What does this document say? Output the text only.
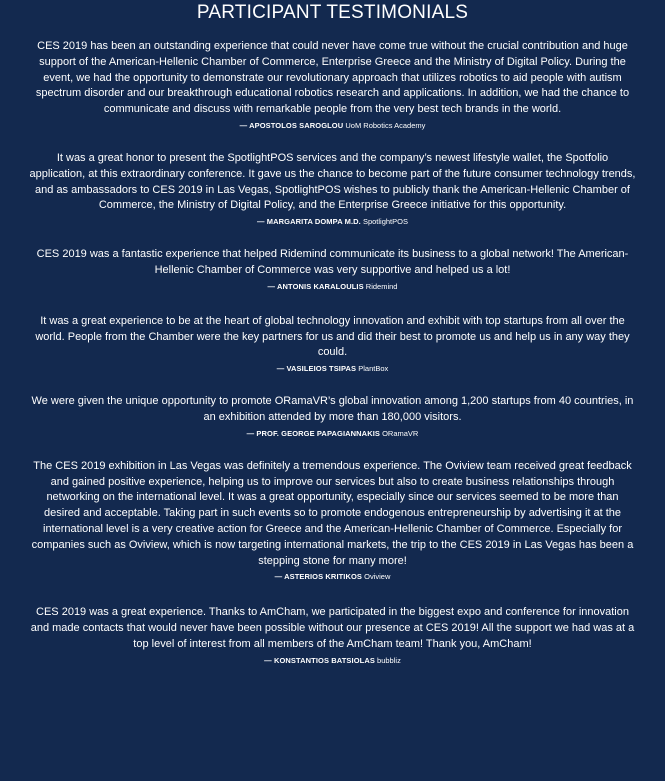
PARTICIPANT TESTIMONIALS

CES 2019 has been an outstanding experience that could never have come true without the crucial contribution and huge support of the American-Hellenic Chamber of Commerce, Enterprise Greece and the Ministry of Digital Policy. During the event, we had the opportunity to demonstrate our revolutionary approach that utilizes robotics to aid people with autism spectrum disorder and our breakthrough educational robotics research and applications. In addition, we had the chance to communicate and discuss with remarkable people from the very best tech brands in the world.

— APOSTOLOS SAROGLOU UoM Robotics Academy

It was a great honor to present the SpotlightPOS services and the company’s newest lifestyle wallet, the Spotfolio application, at this extraordinary conference. It gave us the chance to become part of the future consumer technology trends, and as ambassadors to CES 2019 in Las Vegas, SpotlightPOS wishes to publicly thank the American-Hellenic Chamber of Commerce, the Ministry of Digital Policy, and the Enterprise Greece initiative for this opportunity.

— MARGARITA DOMPA M.D. SpotlightPOS

CES 2019 was a fantastic experience that helped Ridemind communicate its business to a global network! The American-Hellenic Chamber of Commerce was very supportive and helped us a lot!

— ANTONIS KARALOULIS Ridemind

It was a great experience to be at the heart of global technology innovation and exhibit with top startups from all over the world. People from the Chamber were the key partners for us and did their best to promote us and help us in any way they could.

— VASILEIOS TSIPAS PlantBox

We were given the unique opportunity to promote ORamaVR’s global innovation among 1,200 startups from 40 countries, in an exhibition attended by more than 180,000 visitors.

— PROF. GEORGE PAPAGIANNAKIS ORamaVR

The CES 2019 exhibition in Las Vegas was definitely a tremendous experience. The Oviview team received great feedback and gained positive experience, helping us to improve our services but also to create business relationships through networking on the international level. It was a great opportunity, especially since our services seemed to be more than desired and acceptable. Taking part in such events so to promote endogenous entrepreneurship by advertising it at the international level is a very creative action for Greece and the American-Hellenic Chamber of Commerce. Especially for companies such as Oviview, which is now targeting international markets, the trip to the CES 2019 in Las Vegas has been a stepping stone for many more!

— ASTERIOS KRITIKOS Oviview

CES 2019 was a great experience. Thanks to AmCham, we participated in the biggest expo and conference for innovation and made contacts that would never have been possible without our presence at CES 2019! All the support we had was at a top level of interest from all members of the AmCham team! Thank you, AmCham!

— KONSTANTIOS BATSIOLAS bubbliz
